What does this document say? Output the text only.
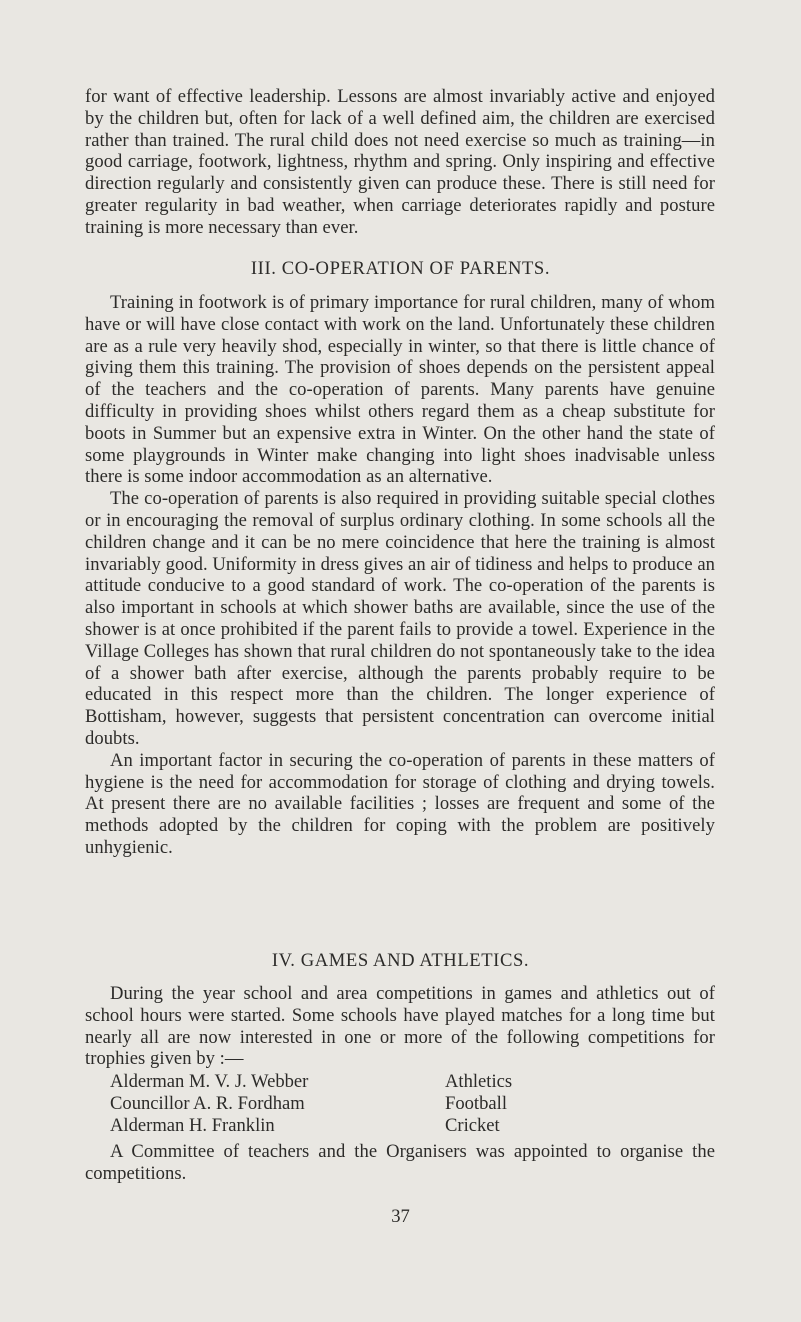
for want of effective leadership. Lessons are almost invariably active and enjoyed by the children but, often for lack of a well defined aim, the children are exercised rather than trained. The rural child does not need exercise so much as training—in good carriage, footwork, lightness, rhythm and spring. Only inspiring and effective direction regularly and consistently given can produce these. There is still need for greater regularity in bad weather, when carriage deteriorates rapidly and posture training is more necessary than ever.

III. CO-OPERATION OF PARENTS.

Training in footwork is of primary importance for rural children, many of whom have or will have close contact with work on the land. Unfortunately these children are as a rule very heavily shod, especially in winter, so that there is little chance of giving them this training. The provision of shoes depends on the persistent appeal of the teachers and the co-operation of parents. Many parents have genuine difficulty in providing shoes whilst others regard them as a cheap substitute for boots in Summer but an expensive extra in Winter. On the other hand the state of some playgrounds in Winter make changing into light shoes inadvisable unless there is some indoor accommodation as an alternative.

The co-operation of parents is also required in providing suitable special clothes or in encouraging the removal of surplus ordinary clothing. In some schools all the children change and it can be no mere coincidence that here the training is almost invariably good. Uniformity in dress gives an air of tidiness and helps to produce an attitude conducive to a good standard of work. The co-operation of the parents is also important in schools at which shower baths are available, since the use of the shower is at once prohibited if the parent fails to provide a towel. Experience in the Village Colleges has shown that rural children do not spontaneously take to the idea of a shower bath after exercise, although the parents probably require to be educated in this respect more than the children. The longer experience of Bottisham, however, suggests that persistent concentration can overcome initial doubts.

An important factor in securing the co-operation of parents in these matters of hygiene is the need for accommodation for storage of clothing and drying towels. At present there are no available facilities ; losses are frequent and some of the methods adopted by the children for coping with the problem are positively unhygienic.

IV. GAMES AND ATHLETICS.

During the year school and area competitions in games and athletics out of school hours were started. Some schools have played matches for a long time but nearly all are now interested in one or more of the following competitions for trophies given by :—

Alderman M. V. J. Webber	Athletics
Councillor A. R. Fordham	Football
Alderman H. Franklin	Cricket

A Committee of teachers and the Organisers was appointed to organise the competitions.

37
